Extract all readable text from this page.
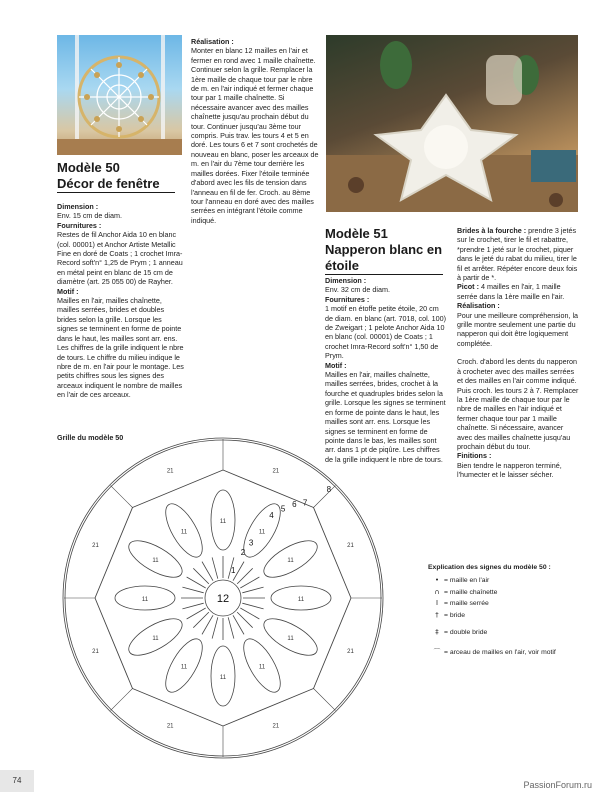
Modèle 50
Décor de fenêtre
Dimension :
Env. 15 cm de diam.
Fournitures :
Restes de fil Anchor Aida 10 en blanc (col. 00001) et Anchor Artiste Metallic Fine en doré de Coats ; 1 crochet Imra-Record soft'n° 1,25 de Prym ; 1 anneau en métal peint en blanc de 15 cm de diamètre (art. 25 055 00) de Rayher.
Motif :
Mailles en l'air, mailles chaînette, mailles serrées, brides et doubles brides selon la grille. Lorsque les signes se terminent en forme de pointe dans le haut, les mailles sont arr. ens. Les chiffres de la grille indiquent le nbre de tours. Le chiffre du milieu indique le nbre de m. en l'air pour le montage. Les petits chiffres sous les signes des arceaux indiquent le nombre de mailles en l'air de ces arceaux.
Réalisation :
Monter en blanc 12 mailles en l'air et fermer en rond avec 1 maille chaînette. Continuer selon la grille. Remplacer la 1ère maille de chaque tour par le nbre de m. en l'air indiqué et fermer chaque tour par 1 maille chaînette. Si nécessaire avancer avec des mailles chaînette jusqu'au prochain début du tour. Continuer jusqu'au 3ème tour compris. Puis trav. les tours 4 et 5 en doré. Les tours 6 et 7 sont crochetés de nouveau en blanc, poser les arceaux de m. en l'air du 7ème tour derrière les mailles dorées. Fixer l'étoile terminée d'abord avec les fils de tension dans l'anneau en fil de fer. Croch. au 8ème tour l'anneau en doré avec des mailles serrées en intégrant l'étoile comme indiqué.
Modèle 51
Napperon blanc en
étoile
Dimension :
Env. 32 cm de diam.
Fournitures :
1 motif en étoffe petite étoile, 20 cm de diam. en blanc (art. 7018, col. 100) de Zweigart ; 1 pelote Anchor Aida 10 en blanc (col. 00001) de Coats ; 1 crochet Imra-Record soft'n° 1,50 de Prym.
Motif :
Mailles en l'air, mailles chaînette, mailles serrées, brides, crochet à la fourche et quadruples brides selon la grille. Lorsque les signes se terminent en forme de pointe dans le haut, les mailles sont arr. ens. Lorsque les signes se terminent en forme de pointe dans le bas, les mailles sont arr. dans 1 pt de piqûre. Les chiffres de la grille indiquent le nbre de tours.
Brides à la fourche : prendre 3 jetés sur le crochet, tirer le fil et rabattre, *prendre 1 jeté sur le crochet, piquer dans le jeté du rabat du milieu, tirer le fil et arrêter. Répéter encore deux fois à partir de *.
Picot : 4 mailles en l'air, 1 maille serrée dans la 1ère maille en l'air.
Réalisation :
Pour une meilleure compréhension, la grille montre seulement une partie du napperon qui doit être logiquement complétée.
Croch. d'abord les dents du napperon à crocheter avec des mailles serrées et des mailles en l'air comme indiqué. Puis croch. les tours 2 à 7. Remplacer la 1ère maille de chaque tour par le nbre de mailles en l'air indiqué et fermer chaque tour par 1 maille chaînette. Si nécessaire, avancer avec des mailles chaînette jusqu'au prochain début du tour.
Finitions :
Bien tendre le napperon terminé, l'humecter et le laisser sécher.
Grille du modèle 50
12
11
11
11
11
11
11
11
11
11
11
11
11
21
21
21
21
21
21
21
21
1
2
3
4
5 6 7
8
Explication des signes du modèle 50 :
• = maille en l'air
∩ = maille chaînette
I = maille serrée
† = bride
‡ = double bride
⌒ = arceau de mailles en l'air, voir motif
74	PassionForum.ru
